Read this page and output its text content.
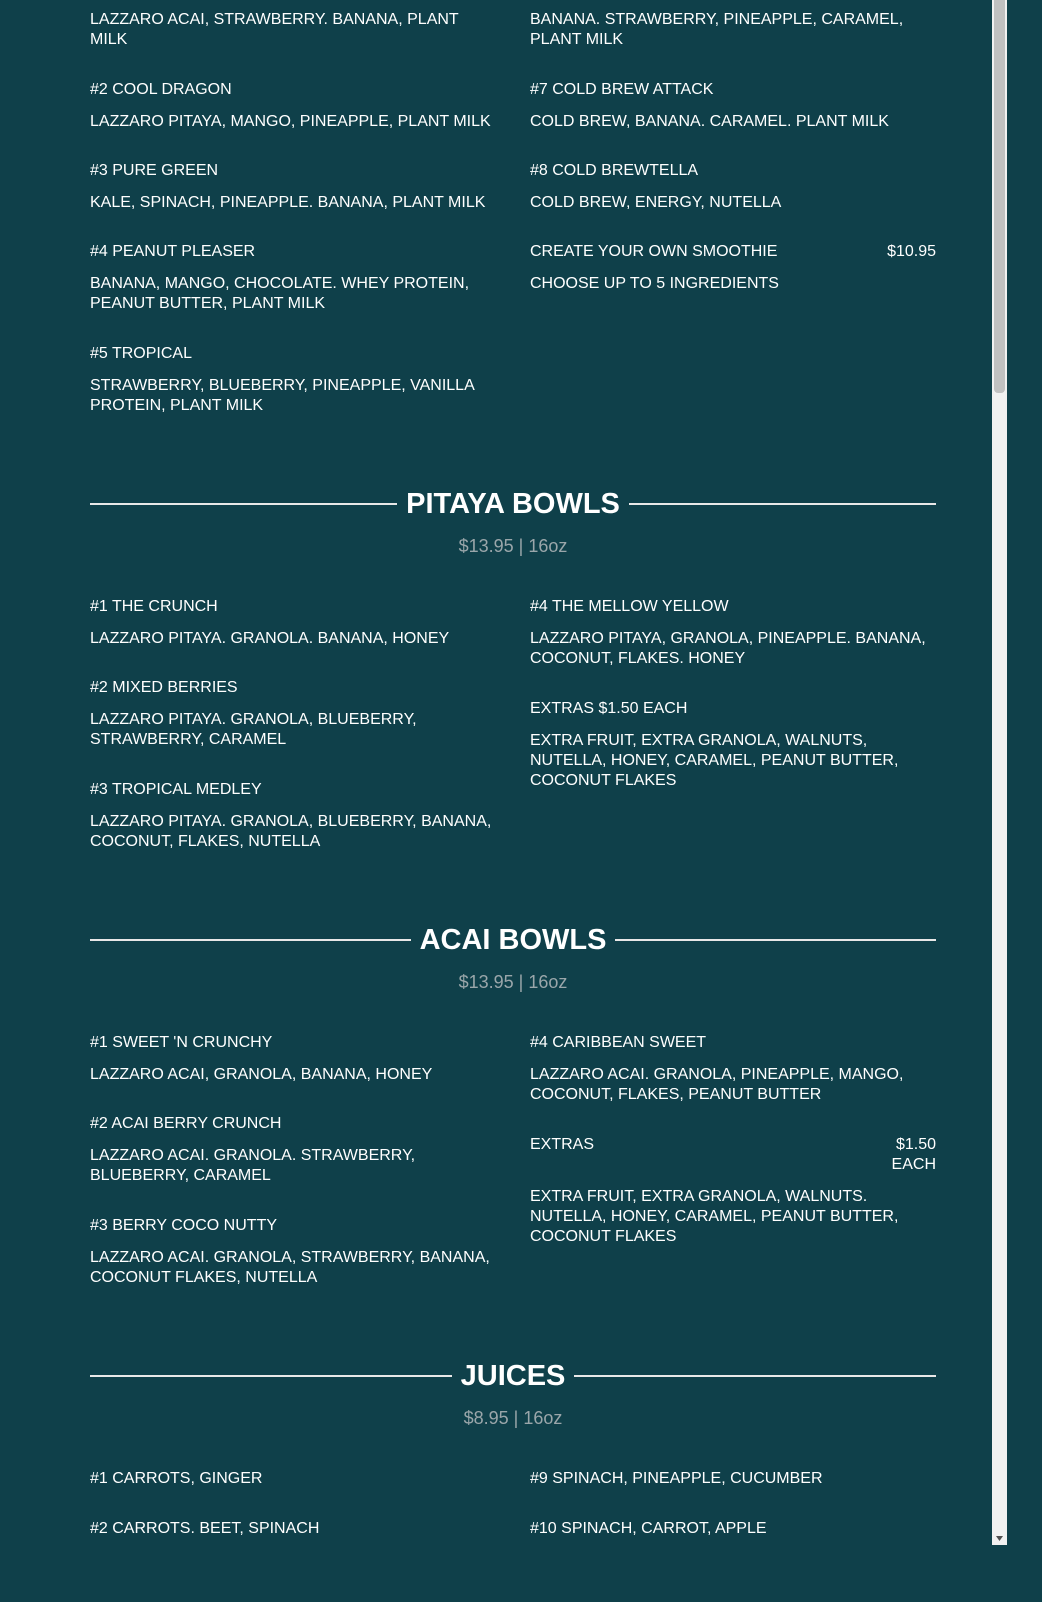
LAZZARO ACAI, STRAWBERRY. BANANA, PLANT MILK

BANANA. STRAWBERRY, PINEAPPLE, CARAMEL, PLANT MILK

#2 COOL DRAGON

LAZZARO PITAYA, MANGO, PINEAPPLE, PLANT MILK

#7 COLD BREW ATTACK

COLD BREW, BANANA. CARAMEL. PLANT MILK

#3 PURE GREEN

KALE, SPINACH, PINEAPPLE. BANANA, PLANT MILK

#8 COLD BREWTELLA

COLD BREW, ENERGY, NUTELLA

#4 PEANUT PLEASER

BANANA, MANGO, CHOCOLATE. WHEY PROTEIN, PEANUT BUTTER, PLANT MILK

CREATE YOUR OWN SMOOTHIE	$10.95

CHOOSE UP TO 5 INGREDIENTS

#5 TROPICAL

STRAWBERRY, BLUEBERRY, PINEAPPLE, VANILLA PROTEIN, PLANT MILK

PITAYA BOWLS
$13.95 | 16oz

#1 THE CRUNCH

LAZZARO PITAYA. GRANOLA. BANANA, HONEY

#2 MIXED BERRIES

LAZZARO PITAYA. GRANOLA, BLUEBERRY, STRAWBERRY, CARAMEL

#3 TROPICAL MEDLEY

LAZZARO PITAYA. GRANOLA, BLUEBERRY, BANANA, COCONUT, FLAKES, NUTELLA

#4 THE MELLOW YELLOW

LAZZARO PITAYA, GRANOLA, PINEAPPLE. BANANA, COCONUT, FLAKES. HONEY

EXTRAS $1.50 EACH

EXTRA FRUIT, EXTRA GRANOLA, WALNUTS, NUTELLA, HONEY, CARAMEL, PEANUT BUTTER, COCONUT FLAKES

ACAI BOWLS
$13.95 | 16oz

#1 SWEET 'N CRUNCHY

LAZZARO ACAI, GRANOLA, BANANA, HONEY

#2 ACAI BERRY CRUNCH

LAZZARO ACAI. GRANOLA. STRAWBERRY, BLUEBERRY, CARAMEL

#3 BERRY COCO NUTTY

LAZZARO ACAI. GRANOLA, STRAWBERRY, BANANA, COCONUT FLAKES, NUTELLA

#4 CARIBBEAN SWEET

LAZZARO ACAI. GRANOLA, PINEAPPLE, MANGO, COCONUT, FLAKES, PEANUT BUTTER

EXTRAS	$1.50 EACH

EXTRA FRUIT, EXTRA GRANOLA, WALNUTS. NUTELLA, HONEY, CARAMEL, PEANUT BUTTER, COCONUT FLAKES

JUICES
$8.95 | 16oz

#1 CARROTS, GINGER

#2 CARROTS. BEET, SPINACH

#9 SPINACH, PINEAPPLE, CUCUMBER

#10 SPINACH, CARROT, APPLE
